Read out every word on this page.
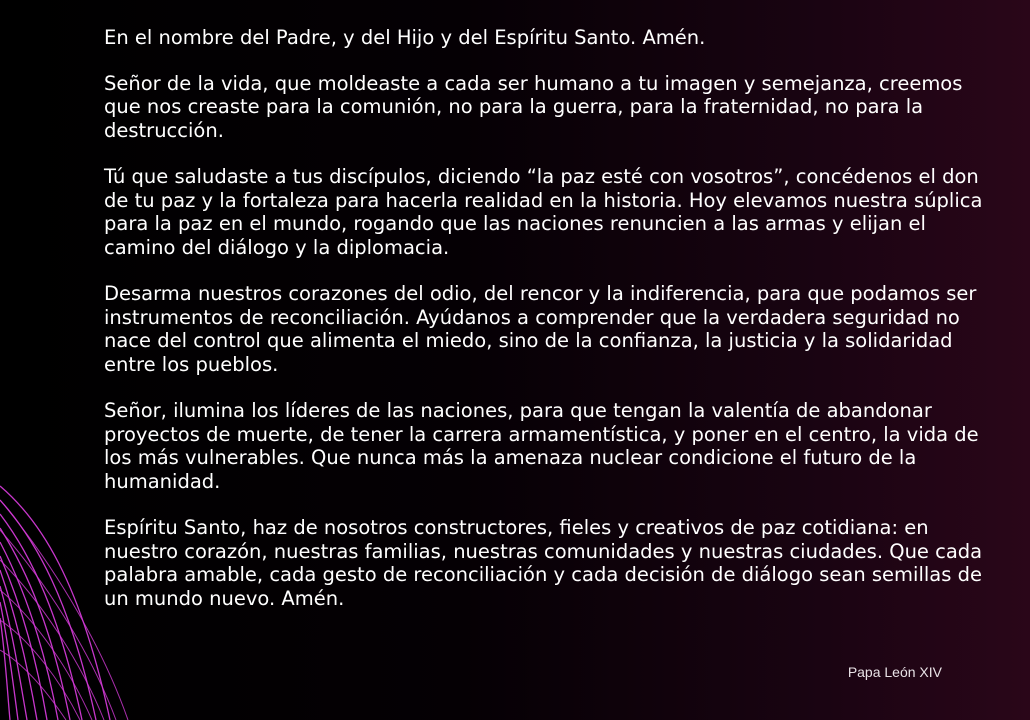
En el nombre del Padre, y del Hijo y del Espíritu Santo. Amén.

Señor de la vida, que moldeaste a cada ser humano a tu imagen y semejanza, creemos que nos creaste para la comunión, no para la guerra, para la fraternidad, no para la destrucción.

Tú que saludaste a tus discípulos, diciendo “la paz esté con vosotros”, concédenos el don de tu paz y la fortaleza para hacerla realidad en la historia. Hoy elevamos nuestra súplica para la paz en el mundo, rogando que las naciones renuncien a las armas y elijan el camino del diálogo y la diplomacia.

Desarma nuestros corazones del odio, del rencor y la indiferencia, para que podamos ser instrumentos de reconciliación. Ayúdanos a comprender que la verdadera seguridad no nace del control que alimenta el miedo, sino de la confianza, la justicia y la solidaridad entre los pueblos.

Señor, ilumina los líderes de las naciones, para que tengan la valentía de abandonar proyectos de muerte, de tener la carrera armamentística, y poner en el centro, la vida de los más vulnerables. Que nunca más la amenaza nuclear condicione el futuro de la humanidad.

Espíritu Santo, haz de nosotros constructores, fieles y creativos de paz cotidiana: en nuestro corazón, nuestras familias, nuestras comunidades y nuestras ciudades. Que cada palabra amable, cada gesto de reconciliación y cada decisión de diálogo sean semillas de un mundo nuevo. Amén.

Papa León XIV
